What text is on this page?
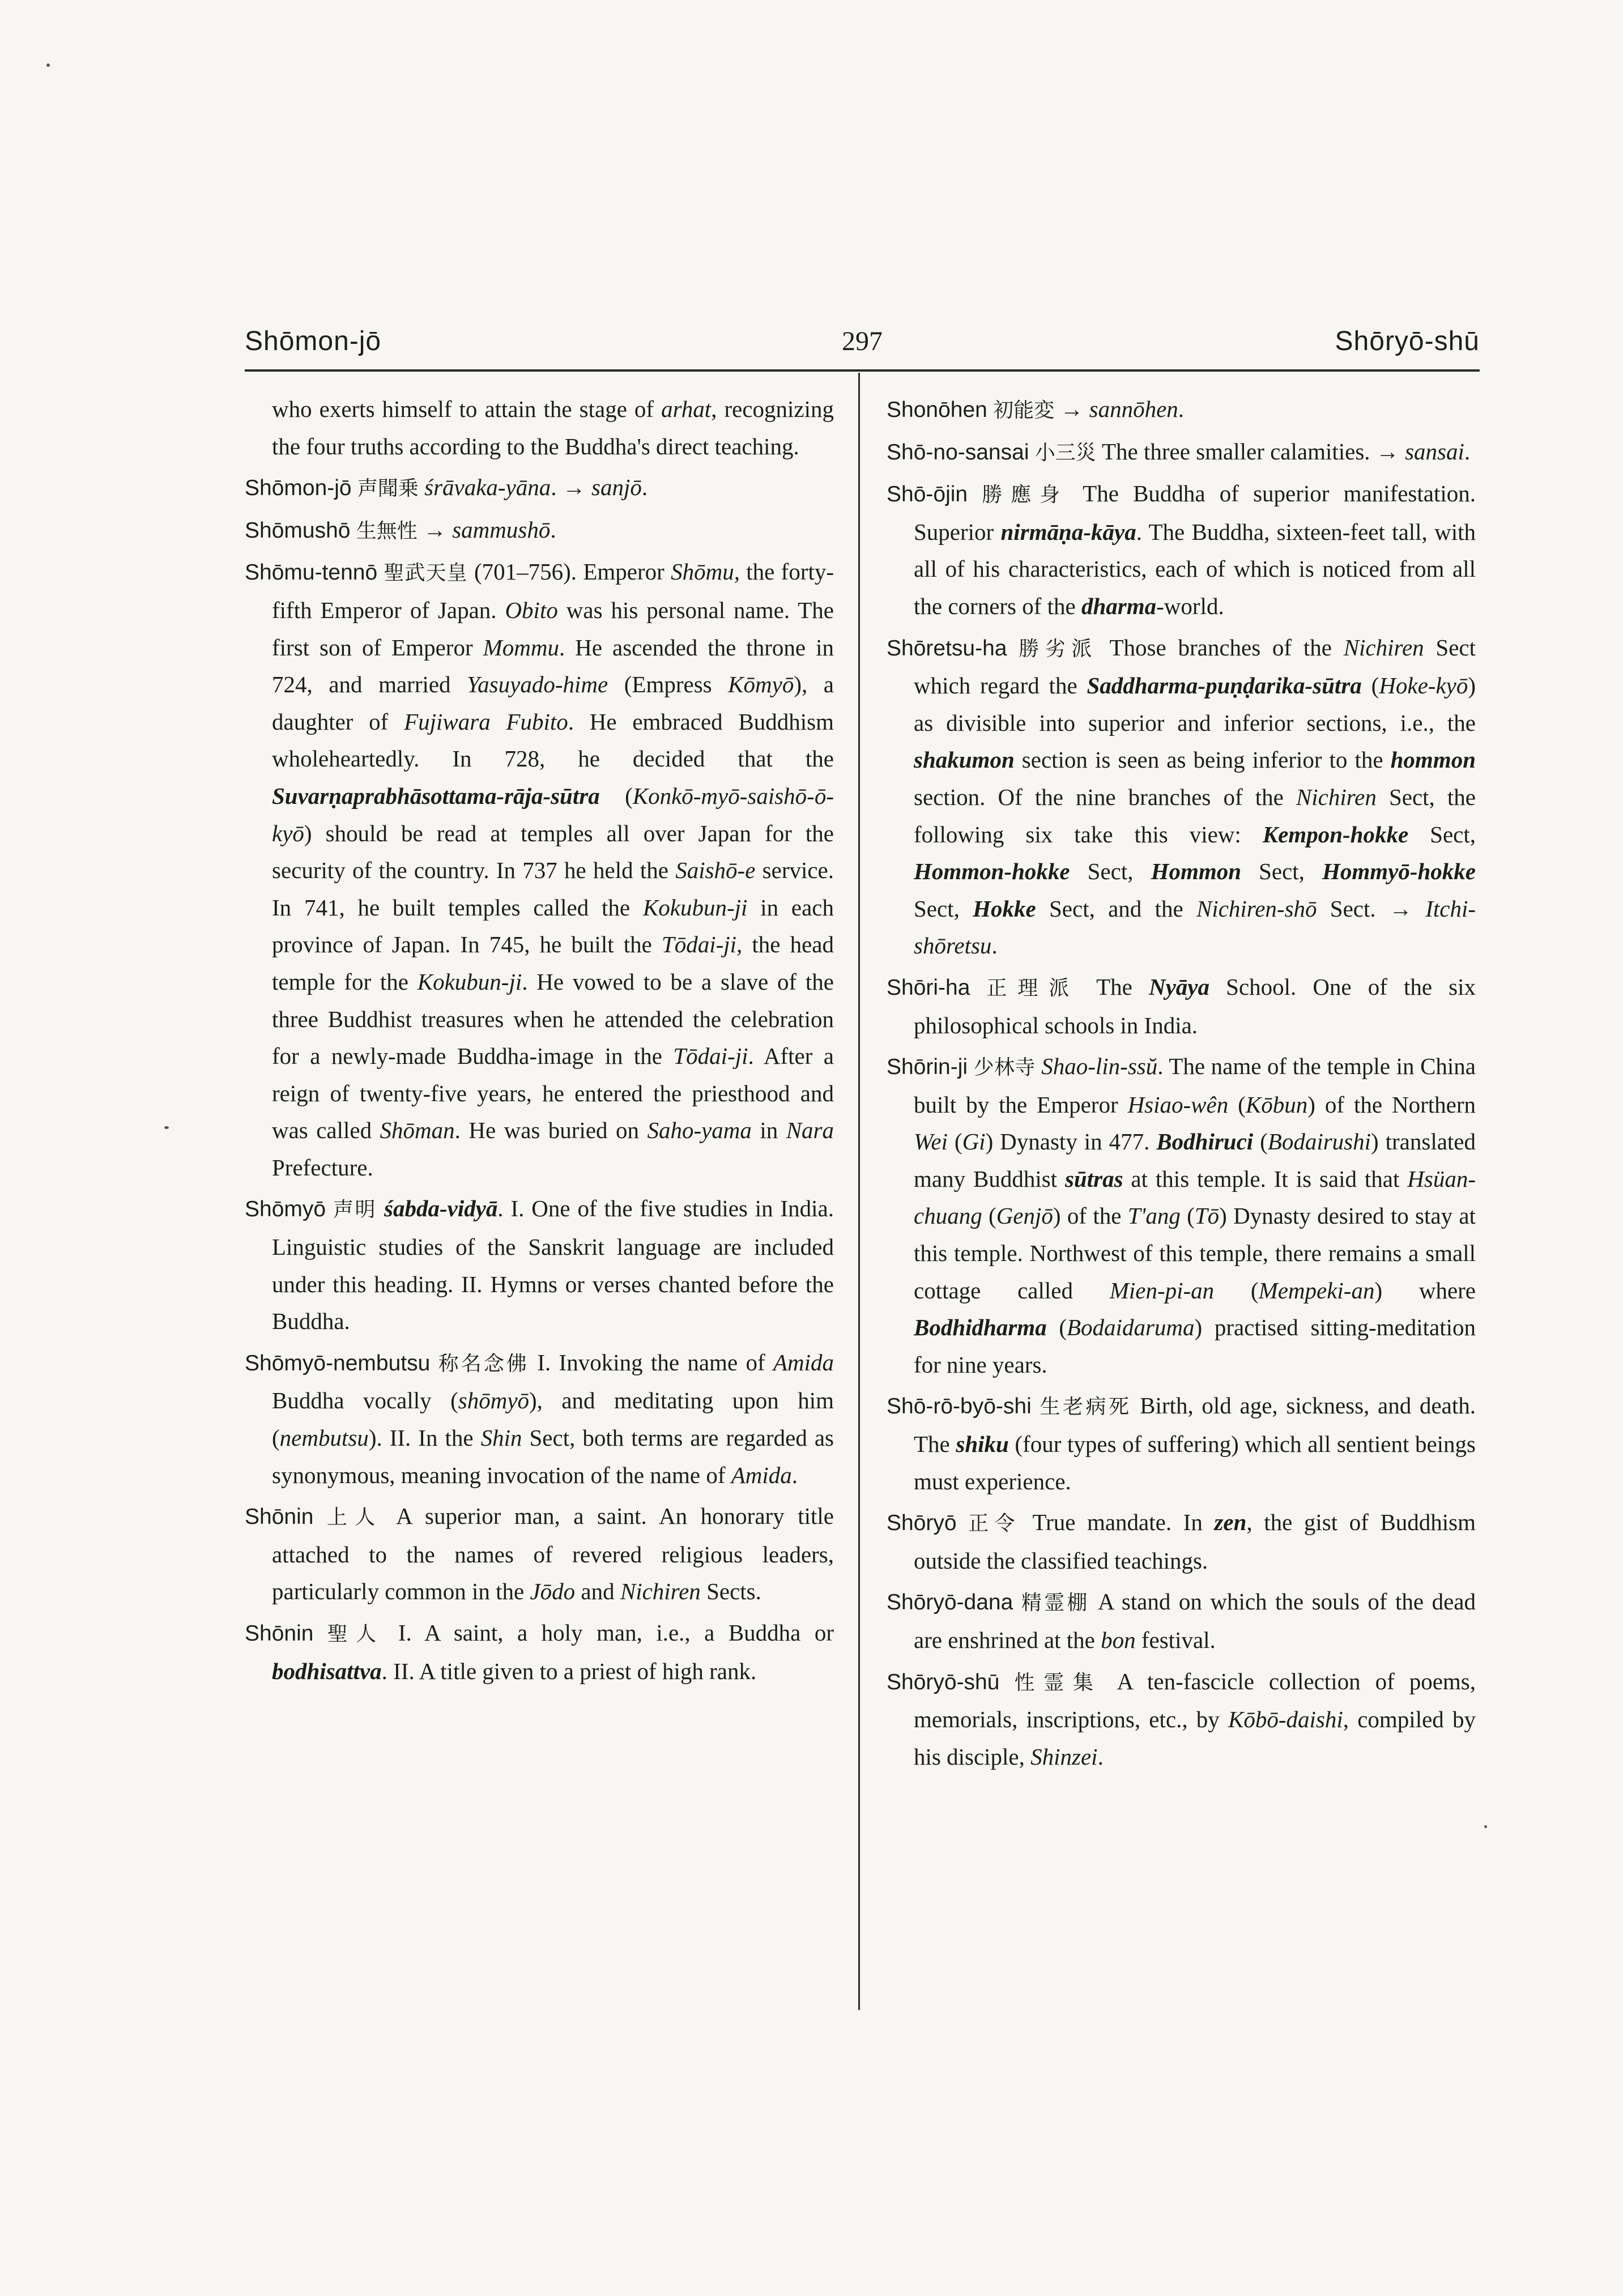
Shōmon-jō	297	Shōryō-shū

who exerts himself to attain the stage of arhat, recognizing the four truths according to the Buddha's direct teaching.

Shōmon-jō 声聞乗 śrāvaka-yāna. → sanjō.

Shōmushō 生無性 → sammushō.

Shōmu-tennō 聖武天皇 (701–756). Emperor Shōmu, the forty-fifth Emperor of Japan. Obito was his personal name. The first son of Emperor Mommu. He ascended the throne in 724, and married Yasuyado-hime (Empress Kōmyō), a daughter of Fujiwara Fubito. He embraced Buddhism wholeheartedly. In 728, he decided that the Suvarṇaprabhāsottama-rāja-sūtra (Konkō-myō-saishō-ō-kyō) should be read at temples all over Japan for the security of the country. In 737 he held the Saishō-e service. In 741, he built temples called the Kokubun-ji in each province of Japan. In 745, he built the Tōdai-ji, the head temple for the Kokubun-ji. He vowed to be a slave of the three Buddhist treasures when he attended the celebration for a newly-made Buddha-image in the Tōdai-ji. After a reign of twenty-five years, he entered the priesthood and was called Shōman. He was buried on Saho-yama in Nara Prefecture.

Shōmyō 声明 śabda-vidyā. I. One of the five studies in India. Linguistic studies of the Sanskrit language are included under this heading. II. Hymns or verses chanted before the Buddha.

Shōmyō-nembutsu 称名念佛 I. Invoking the name of Amida Buddha vocally (shōmyō), and meditating upon him (nembutsu). II. In the Shin Sect, both terms are regarded as synonymous, meaning invocation of the name of Amida.

Shōnin 上人 A superior man, a saint. An honorary title attached to the names of revered religious leaders, particularly common in the Jōdo and Nichiren Sects.

Shōnin 聖人 I. A saint, a holy man, i.e., a Buddha or bodhisattva. II. A title given to a priest of high rank.

Shonōhen 初能変 → sannōhen.

Shō-no-sansai 小三災 The three smaller calamities. → sansai.

Shō-ōjin 勝應身 The Buddha of superior manifestation. Superior nirmāṇa-kāya. The Buddha, sixteen-feet tall, with all of his characteristics, each of which is noticed from all the corners of the dharma-world.

Shōretsu-ha 勝劣派 Those branches of the Nichiren Sect which regard the Saddharma-puṇḍarika-sūtra (Hoke-kyō) as divisible into superior and inferior sections, i.e., the shakumon section is seen as being inferior to the hommon section. Of the nine branches of the Nichiren Sect, the following six take this view: Kempon-hokke Sect, Hommon-hokke Sect, Hommon Sect, Hommyō-hokke Sect, Hokke Sect, and the Nichiren-shō Sect. → Itchi-shōretsu.

Shōri-ha 正理派 The Nyāya School. One of the six philosophical schools in India.

Shōrin-ji 少林寺 Shao-lin-ssŭ. The name of the temple in China built by the Emperor Hsiao-wên (Kōbun) of the Northern Wei (Gi) Dynasty in 477. Bodhiruci (Bodairushi) translated many Buddhist sūtras at this temple. It is said that Hsüan-chuang (Genjō) of the T'ang (Tō) Dynasty desired to stay at this temple. Northwest of this temple, there remains a small cottage called Mien-pi-an (Mempeki-an) where Bodhidharma (Bodaidaruma) practised sitting-meditation for nine years.

Shō-rō-byō-shi 生老病死 Birth, old age, sickness, and death. The shiku (four types of suffering) which all sentient beings must experience.

Shōryō 正令 True mandate. In zen, the gist of Buddhism outside the classified teachings.

Shōryō-dana 精霊棚 A stand on which the souls of the dead are enshrined at the bon festival.

Shōryō-shū 性霊集 A ten-fascicle collection of poems, memorials, inscriptions, etc., by Kōbō-daishi, compiled by his disciple, Shinzei.
